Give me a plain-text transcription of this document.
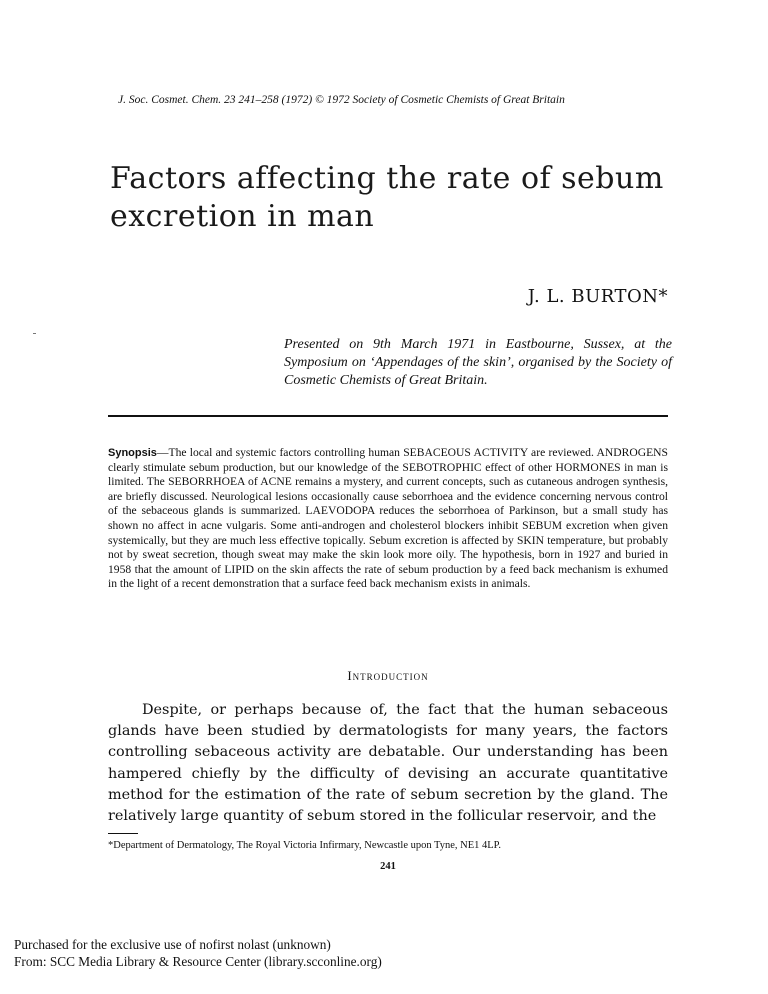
J. Soc. Cosmet. Chem. 23 241–258 (1972) © 1972 Society of Cosmetic Chemists of Great Britain
Factors affecting the rate of sebum excretion in man
J. L. BURTON*
Presented on 9th March 1971 in Eastbourne, Sussex, at the Symposium on ‘Appendages of the skin’, organised by the Society of Cosmetic Chemists of Great Britain.
Synopsis—The local and systemic factors controlling human SEBACEOUS ACTIVITY are reviewed. ANDROGENS clearly stimulate sebum production, but our knowledge of the SEBOTROPHIC effect of other HORMONES in man is limited. The SEBORRHOEA of ACNE remains a mystery, and current concepts, such as cutaneous androgen synthesis, are briefly discussed. Neurological lesions occasionally cause seborrhoea and the evidence concerning nervous control of the sebaceous glands is summarized. LAEVODOPA reduces the seborrhoea of Parkinson, but a small study has shown no affect in acne vulgaris. Some anti-androgen and cholesterol blockers inhibit SEBUM excretion when given systemically, but they are much less effective topically. Sebum excretion is affected by SKIN temperature, but probably not by sweat secretion, though sweat may make the skin look more oily. The hypothesis, born in 1927 and buried in 1958 that the amount of LIPID on the skin affects the rate of sebum production by a feed back mechanism is exhumed in the light of a recent demonstration that a surface feed back mechanism exists in animals.
Introduction
Despite, or perhaps because of, the fact that the human sebaceous glands have been studied by dermatologists for many years, the factors controlling sebaceous activity are debatable. Our understanding has been hampered chiefly by the difficulty of devising an accurate quantitative method for the estimation of the rate of sebum secretion by the gland. The relatively large quantity of sebum stored in the follicular reservoir, and the
*Department of Dermatology, The Royal Victoria Infirmary, Newcastle upon Tyne, NE1 4LP.
241
Purchased for the exclusive use of nofirst nolast (unknown)
From: SCC Media Library & Resource Center (library.scconline.org)
